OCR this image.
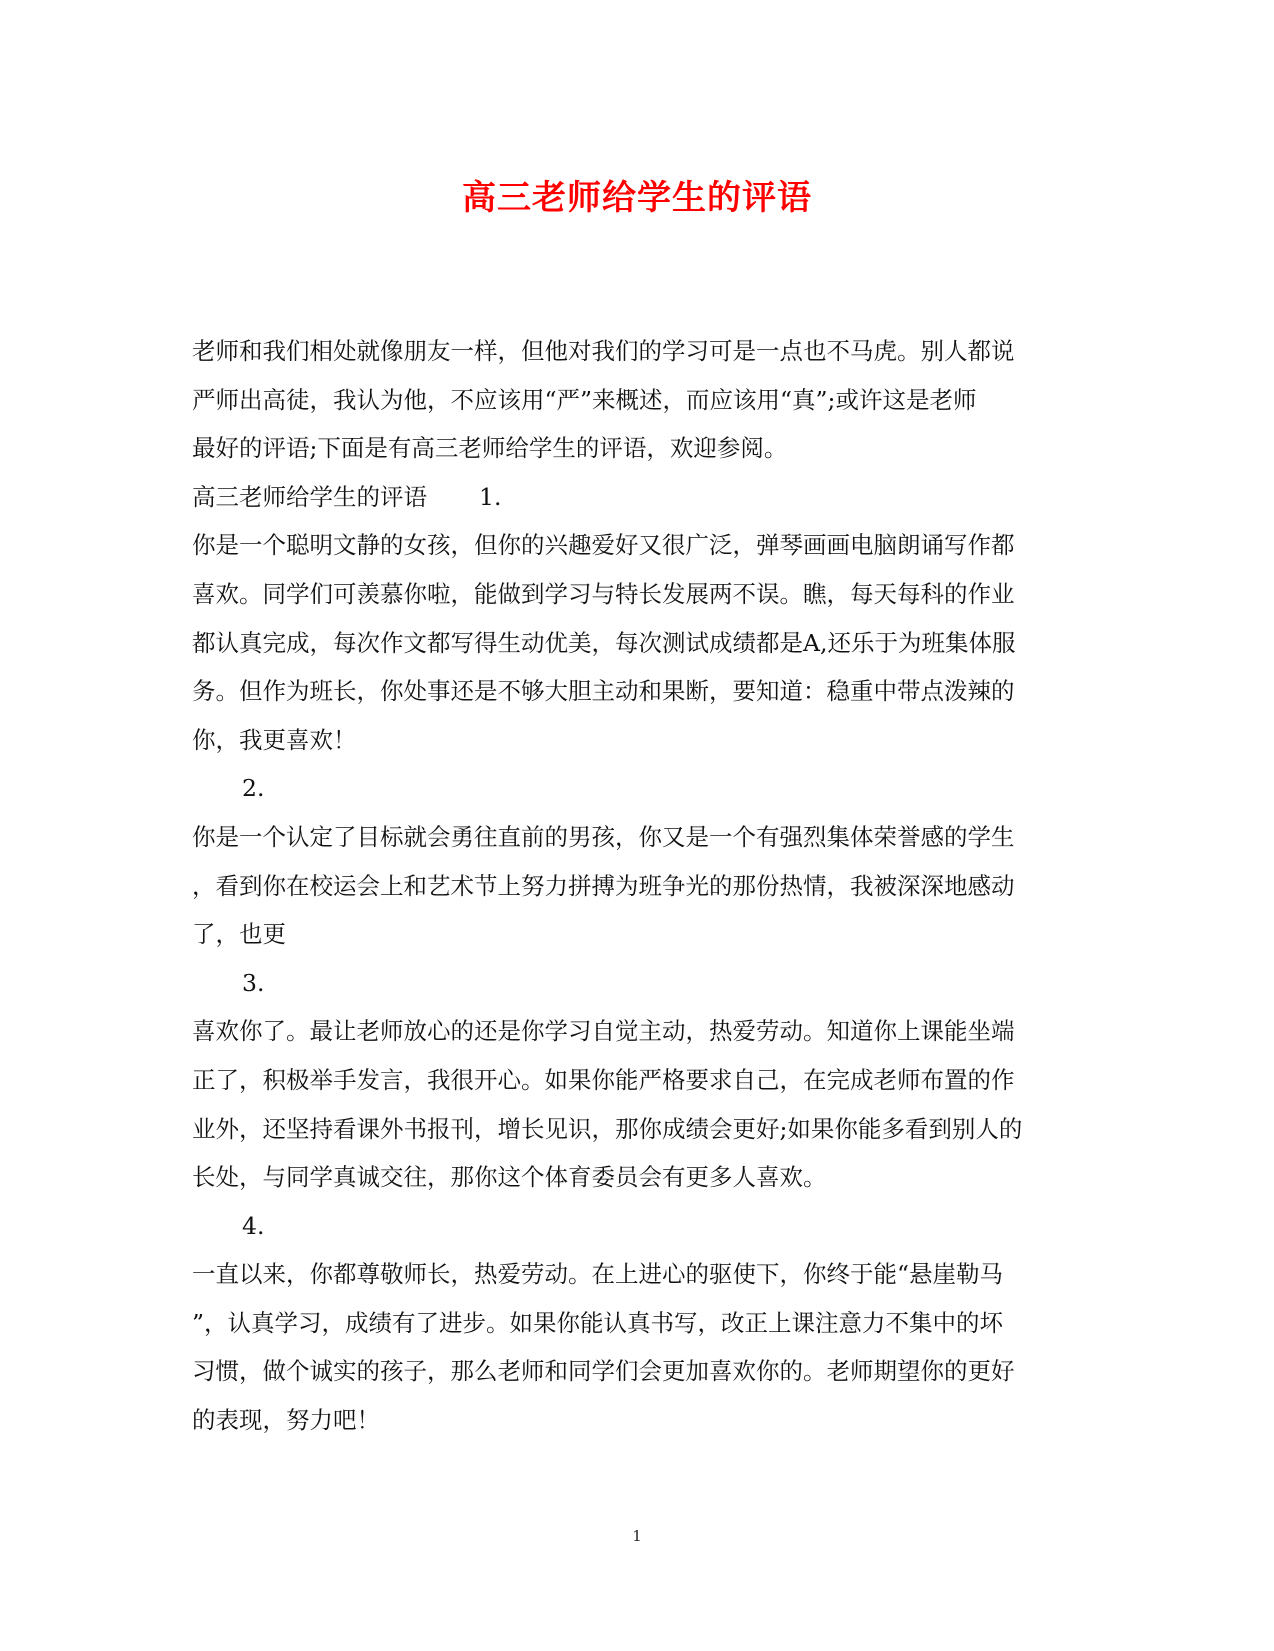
高三老师给学生的评语

老师和我们相处就像朋友一样，但他对我们的学习可是一点也不马虎。别人都说

严师出高徒，我认为他，不应该用“严”来概述，而应该用“真”;或许这是老师

最好的评语;下面是有高三老师给学生的评语，欢迎参阅。

高三老师给学生的评语 1.

你是一个聪明文静的女孩，但你的兴趣爱好又很广泛，弹琴画画电脑朗诵写作都

喜欢。同学们可羡慕你啦，能做到学习与特长发展两不误。瞧，每天每科的作业

都认真完成，每次作文都写得生动优美，每次测试成绩都是A,还乐于为班集体服

务。但作为班长，你处事还是不够大胆主动和果断，要知道：稳重中带点泼辣的

你，我更喜欢！

2.

你是一个认定了目标就会勇往直前的男孩，你又是一个有强烈集体荣誉感的学生

，看到你在校运会上和艺术节上努力拼搏为班争光的那份热情，我被深深地感动

了，也更

3.

喜欢你了。最让老师放心的还是你学习自觉主动，热爱劳动。知道你上课能坐端

正了，积极举手发言，我很开心。如果你能严格要求自己，在完成老师布置的作

业外，还坚持看课外书报刊，增长见识，那你成绩会更好;如果你能多看到别人的

长处，与同学真诚交往，那你这个体育委员会有更多人喜欢。

4.

一直以来，你都尊敬师长，热爱劳动。在上进心的驱使下，你终于能“悬崖勒马

”，认真学习，成绩有了进步。如果你能认真书写，改正上课注意力不集中的坏

习惯，做个诚实的孩子，那么老师和同学们会更加喜欢你的。老师期望你的更好

的表现，努力吧！

1
